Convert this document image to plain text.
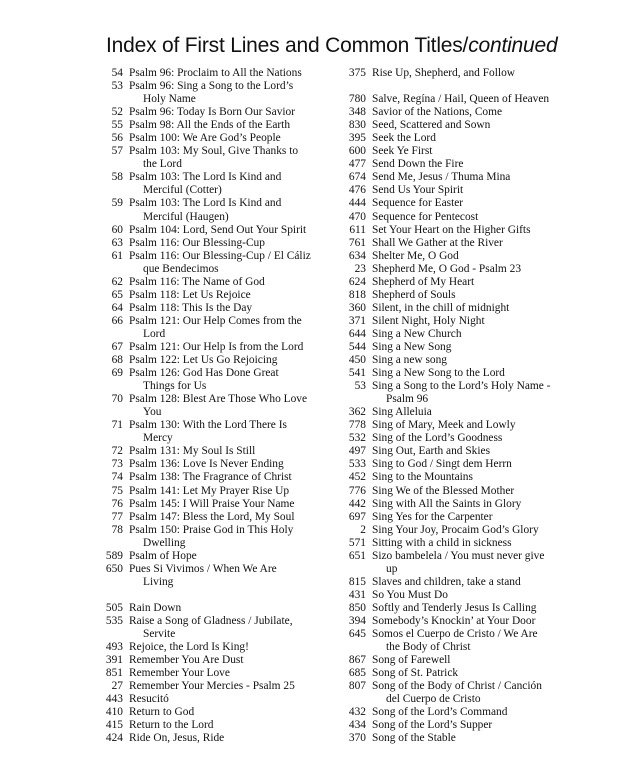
Index of First Lines and Common Titles/continued
54 Psalm 96: Proclaim to All the Nations
53 Psalm 96: Sing a Song to the Lord’s
Holy Name
52 Psalm 96: Today Is Born Our Savior
55 Psalm 98: All the Ends of the Earth
56 Psalm 100: We Are God’s People
57 Psalm 103: My Soul, Give Thanks to
the Lord
58 Psalm 103: The Lord Is Kind and
Merciful (Cotter)
59 Psalm 103: The Lord Is Kind and
Merciful (Haugen)
60 Psalm 104: Lord, Send Out Your Spirit
63 Psalm 116: Our Blessing-Cup
61 Psalm 116: Our Blessing-Cup / El Cáliz
que Bendecimos
62 Psalm 116: The Name of God
65 Psalm 118: Let Us Rejoice
64 Psalm 118: This Is the Day
66 Psalm 121: Our Help Comes from the
Lord
67 Psalm 121: Our Help Is from the Lord
68 Psalm 122: Let Us Go Rejoicing
69 Psalm 126: God Has Done Great
Things for Us
70 Psalm 128: Blest Are Those Who Love
You
71 Psalm 130: With the Lord There Is
Mercy
72 Psalm 131: My Soul Is Still
73 Psalm 136: Love Is Never Ending
74 Psalm 138: The Fragrance of Christ
75 Psalm 141: Let My Prayer Rise Up
76 Psalm 145: I Will Praise Your Name
77 Psalm 147: Bless the Lord, My Soul
78 Psalm 150: Praise God in This Holy
Dwelling
589 Psalm of Hope
650 Pues Si Vivimos / When We Are
Living
505 Rain Down
535 Raise a Song of Gladness / Jubilate,
Servite
493 Rejoice, the Lord Is King!
391 Remember You Are Dust
851 Remember Your Love
27 Remember Your Mercies - Psalm 25
443 Resucitó
410 Return to God
415 Return to the Lord
424 Ride On, Jesus, Ride
375 Rise Up, Shepherd, and Follow
780 Salve, Regína / Hail, Queen of Heaven
348 Savior of the Nations, Come
830 Seed, Scattered and Sown
395 Seek the Lord
600 Seek Ye First
477 Send Down the Fire
674 Send Me, Jesus / Thuma Mina
476 Send Us Your Spirit
444 Sequence for Easter
470 Sequence for Pentecost
611 Set Your Heart on the Higher Gifts
761 Shall We Gather at the River
634 Shelter Me, O God
23 Shepherd Me, O God - Psalm 23
624 Shepherd of My Heart
818 Shepherd of Souls
360 Silent, in the chill of midnight
371 Silent Night, Holy Night
644 Sing a New Church
544 Sing a New Song
450 Sing a new song
541 Sing a New Song to the Lord
53 Sing a Song to the Lord’s Holy Name -
Psalm 96
362 Sing Alleluia
778 Sing of Mary, Meek and Lowly
532 Sing of the Lord’s Goodness
497 Sing Out, Earth and Skies
533 Sing to God / Singt dem Herrn
452 Sing to the Mountains
776 Sing We of the Blessed Mother
442 Sing with All the Saints in Glory
697 Sing Yes for the Carpenter
2 Sing Your Joy, Procaim God’s Glory
571 Sitting with a child in sickness
651 Sizo bambelela / You must never give
up
815 Slaves and children, take a stand
431 So You Must Do
850 Softly and Tenderly Jesus Is Calling
394 Somebody’s Knockin’ at Your Door
645 Somos el Cuerpo de Cristo / We Are
the Body of Christ
867 Song of Farewell
685 Song of St. Patrick
807 Song of the Body of Christ / Canción
del Cuerpo de Cristo
432 Song of the Lord’s Command
434 Song of the Lord’s Supper
370 Song of the Stable
